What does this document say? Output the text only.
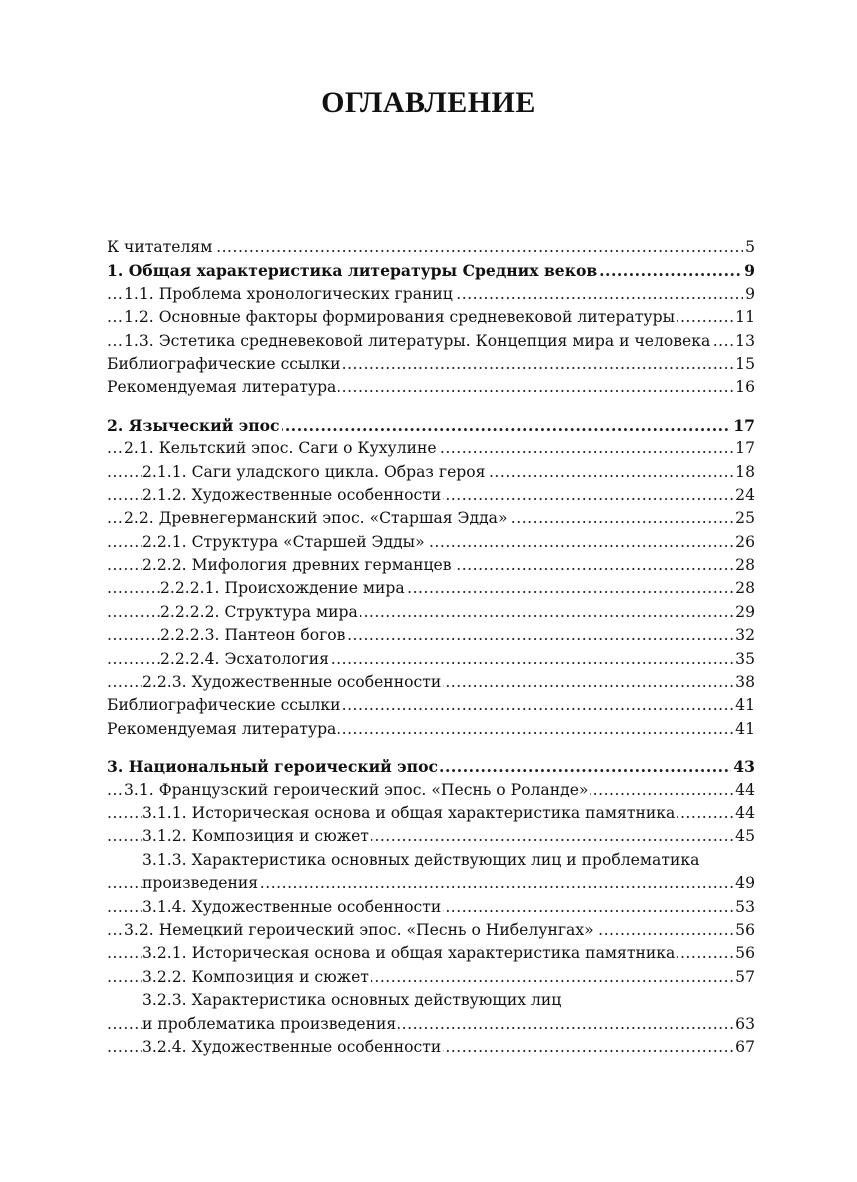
ОГЛАВЛЕНИЕ
.....
К читателям	5
.....
1. Общая характеристика литературы Средних веков	9
.....
1.1. Проблема хронологических границ	9
.....
1.2. Основные факторы формирования средневековой литературы	11
.....
1.3. Эстетика средневековой литературы. Концепция мира и человека 13
.....
Библиографические ссылки	15
.....
Рекомендуемая литература	16
.....
2. Языческий эпос	17
.....
2.1. Кельтский эпос. Саги о Кухулине	17
.....
2.1.1. Саги уладского цикла. Образ героя	18
.....
2.1.2. Художественные особенности	24
.....
2.2. Древнегерманский эпос. «Старшая Эдда»	25
.....
2.2.1. Структура «Старшей Эдды»	26
.....
2.2.2. Мифология древних германцев	28
.....
2.2.2.1. Происхождение мира	28
.....
2.2.2.2. Структура мира	29
.....
2.2.2.3. Пантеон богов	32
.....
2.2.2.4. Эсхатология	35
.....
2.2.3. Художественные особенности	38
.....
Библиографические ссылки	41
.....
Рекомендуемая литература	41
.....
3. Национальный героический эпос	43
.....
3.1. Французский героический эпос. «Песнь о Роланде»	44
.....
3.1.1. Историческая основа и общая характеристика памятника	44
.....
3.1.2. Композиция и сюжет	45
3.1.3. Характеристика основных действующих лиц и проблематика
.....
произведения	49
.....
3.1.4. Художественные особенности	53
.....
3.2. Немецкий героический эпос. «Песнь о Нибелунгах»	56
.....
3.2.1. Историческая основа и общая характеристика памятника	56
.....
3.2.2. Композиция и сюжет	57
3.2.3. Характеристика основных действующих лиц
.....
и проблематика произведения	63
.....
3.2.4. Художественные особенности	67
